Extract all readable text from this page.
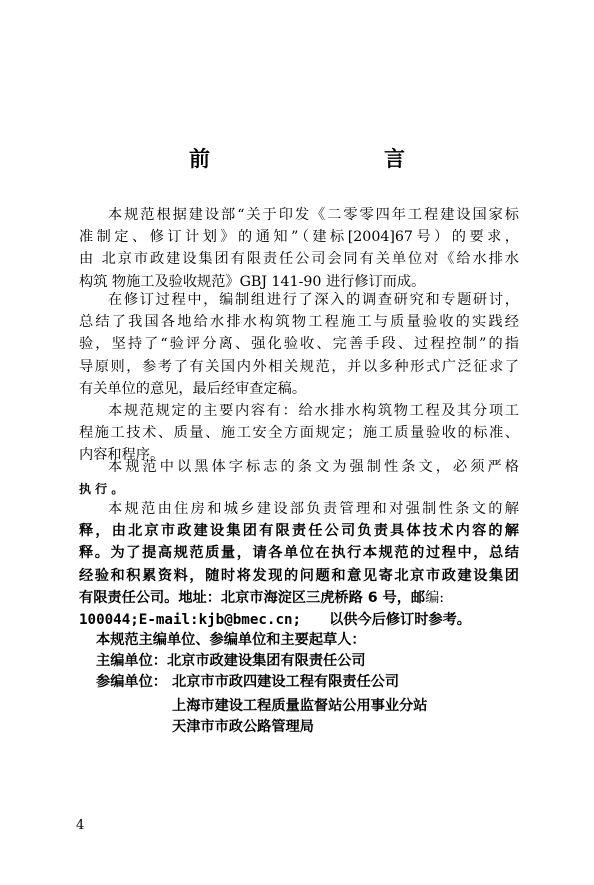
前　　言
本规范根据建设部“关于印发《二零零四年工程建设国家标
准制定、修订计划》的通知”（建标[2004]67号）的要求，
由 北京市政建设集团有限责任公司会同有关单位对《给水排水
构筑 物施工及验收规范》GBJ 141-90 进行修订而成。
在修订过程中，编制组进行了深入的调查研究和专题研讨，
总结了我国各地给水排水构筑物工程施工与质量验收的实践经
验，坚持了“验评分离、强化验收、完善手段、过程控制”的指
导原则，参考了有关国内外相关规范，并以多种形式广泛征求了
有关单位的意见，最后经审查定稿。
本规范规定的主要内容有：给水排水构筑物工程及其分项工
程施工技术、质量、施工安全方面规定；施工质量验收的标准、
内容和程序。
本规范中以黑体字标志的条文为强制性条文，必须严格
执 行 。
本规范由住房和城乡建设部负责管理和对强制性条文的解
释，由北京市政建设集团有限责任公司负责具体技术内容的解
释。为了提高规范质量，请各单位在执行本规范的过程中，总结
经验和积累资料，随时将发现的问题和意见寄北京市政建设集团
有限责任公司。地址：北京市海淀区三虎桥路 6 号，邮编:
100044;E-mail:kjb@bmec.cn; 以供今后修订时参考。
本规范主编单位、参编单位和主要起草人：
主编单位：北京市政建设集团有限责任公司
参编单位： 北京市市政四建设工程有限责任公司
上海市建设工程质量监督站公用事业分站
天津市市政公路管理局
4
